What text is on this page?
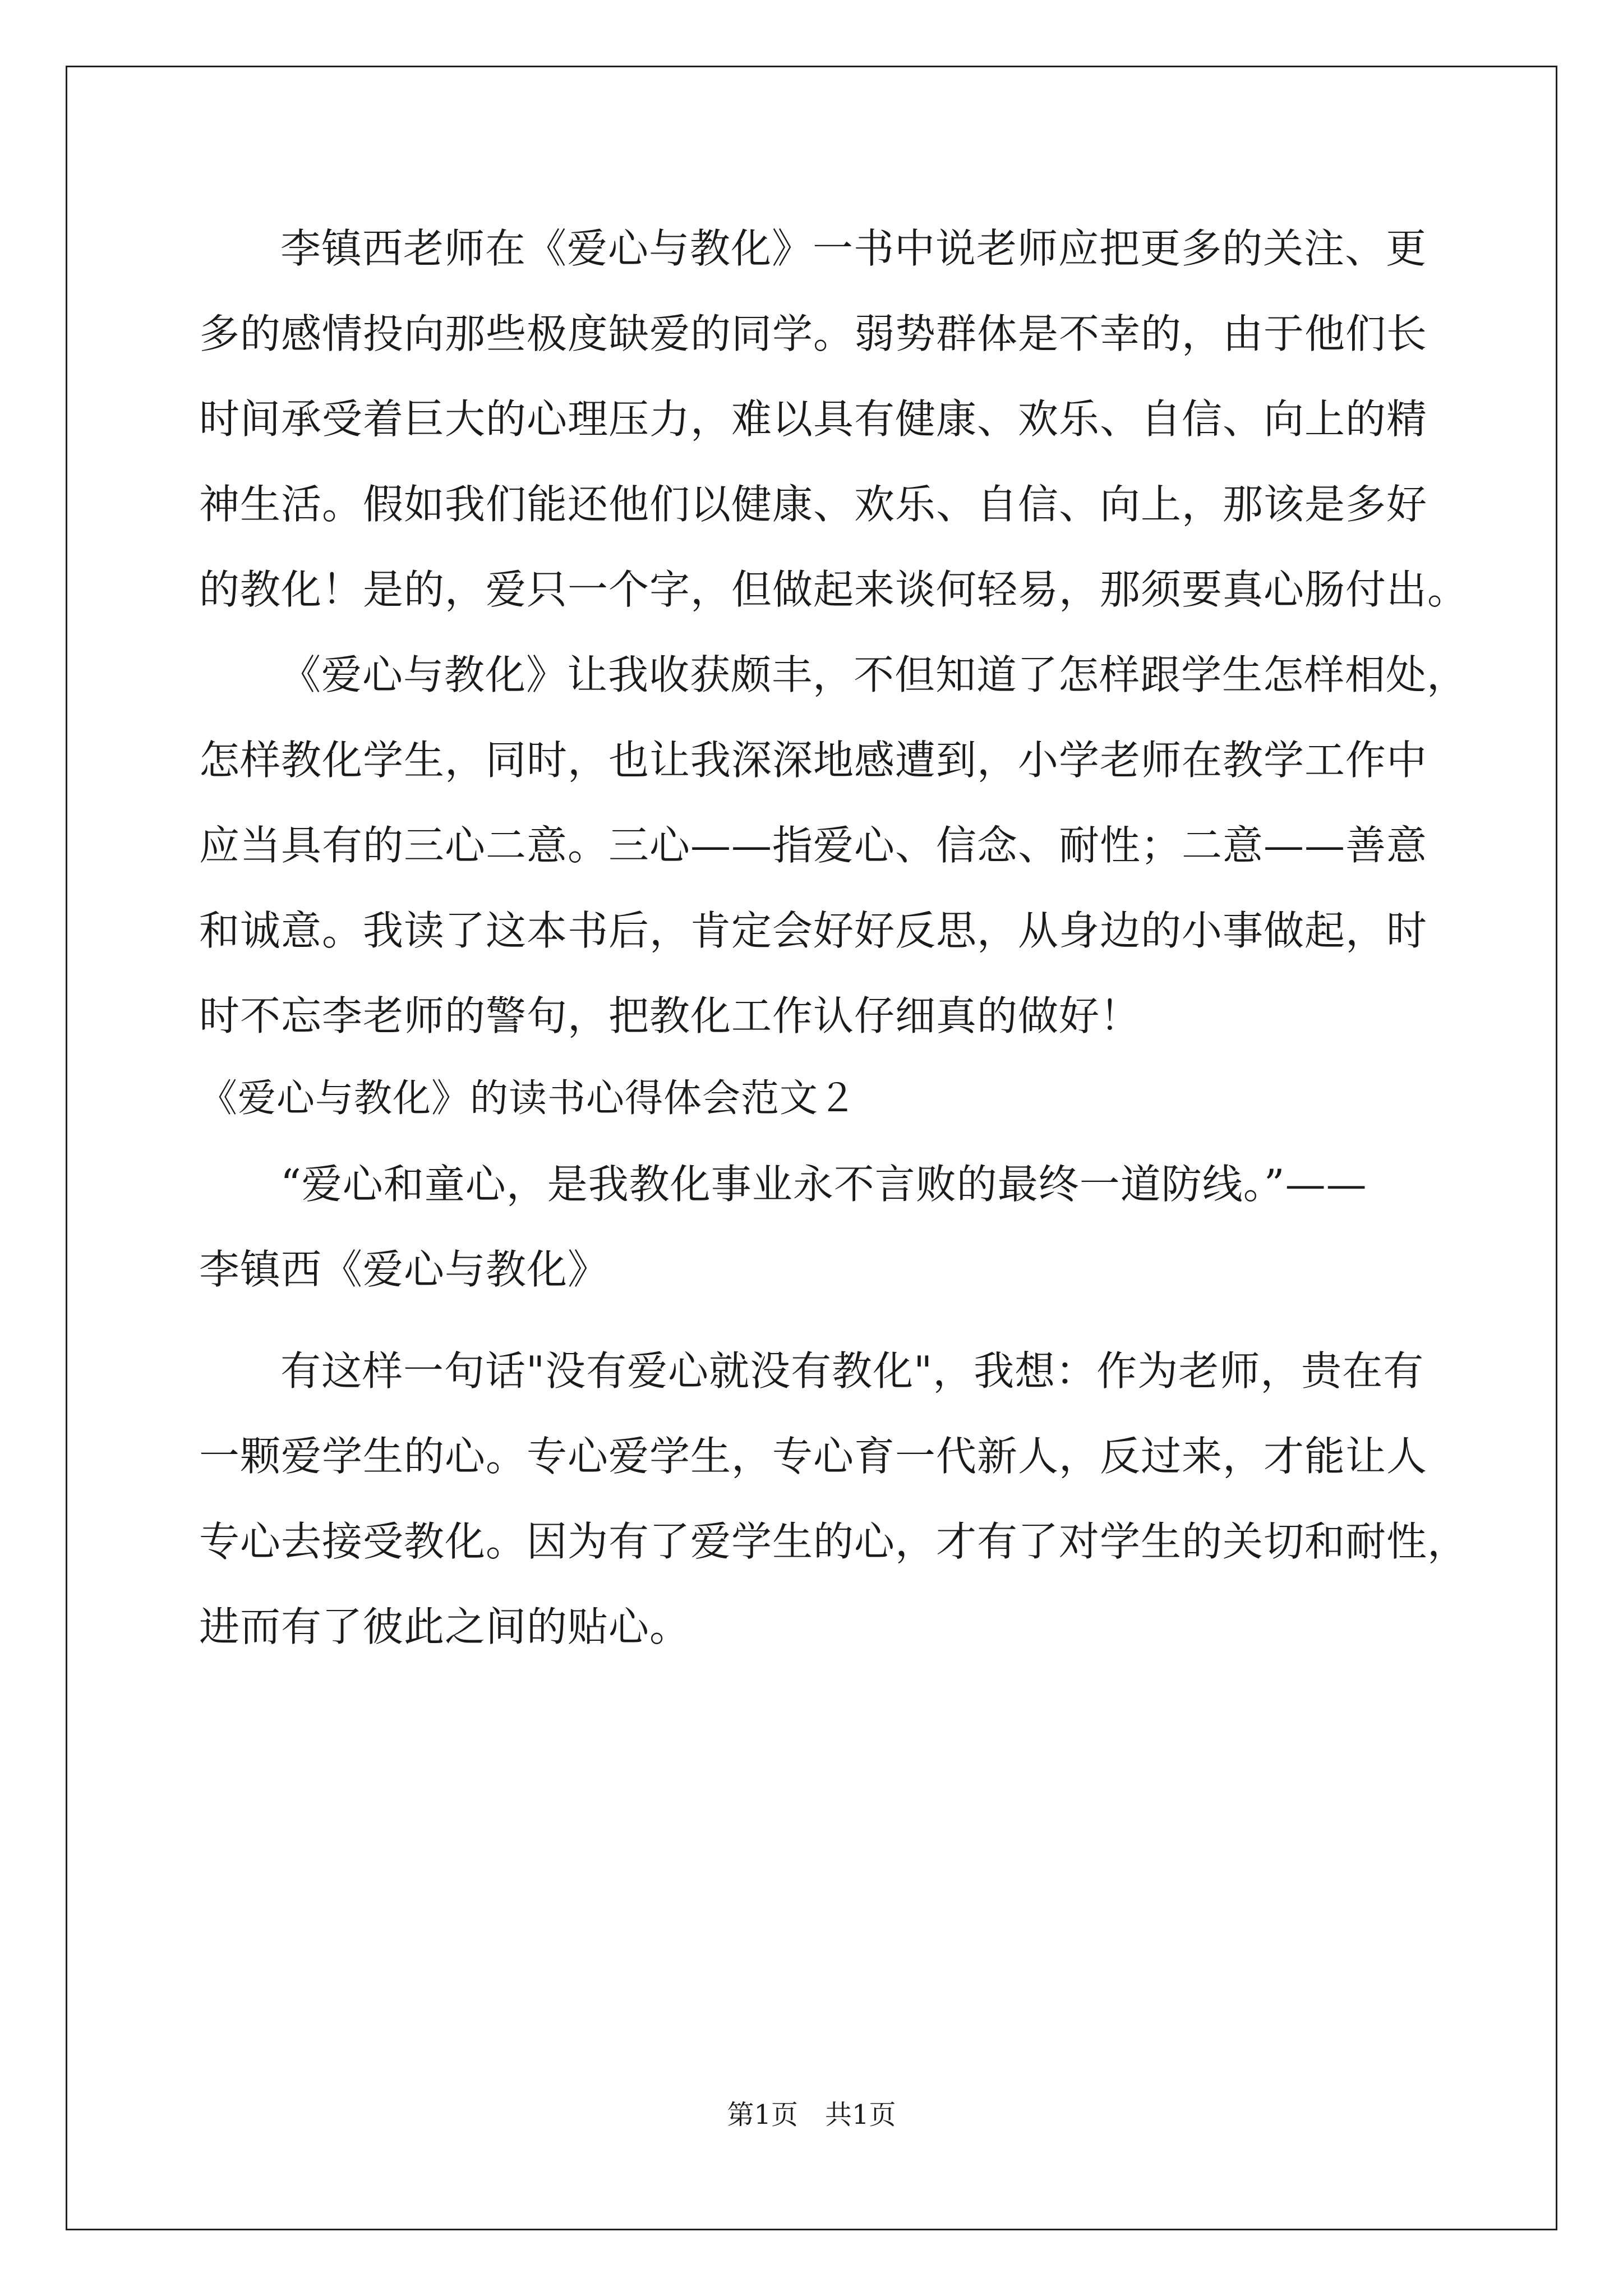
李镇西老师在《爱心与教化》一书中说老师应把更多的关注、更
多的感情投向那些极度缺爱的同学。弱势群体是不幸的，由于他们长
时间承受着巨大的心理压力，难以具有健康、欢乐、自信、向上的精
神生活。假如我们能还他们以健康、欢乐、自信、向上，那该是多好
的教化！是的，爱只一个字，但做起来谈何轻易，那须要真心肠付出。
《爱心与教化》让我收获颇丰，不但知道了怎样跟学生怎样相处，
怎样教化学生，同时，也让我深深地感遭到，小学老师在教学工作中
应当具有的三心二意。三心——指爱心、信念、耐性；二意——善意
和诚意。我读了这本书后，肯定会好好反思，从身边的小事做起，时
时不忘李老师的警句，把教化工作认仔细真的做好！
《爱心与教化》的读书心得体会范文２
“爱心和童心，是我教化事业永不言败的最终一道防线。”——
李镇西《爱心与教化》
有这样一句话"没有爱心就没有教化"，我想：作为老师，贵在有
一颗爱学生的心。专心爱学生，专心育一代新人，反过来，才能让人
专心去接受教化。因为有了爱学生的心，才有了对学生的关切和耐性，
进而有了彼此之间的贴心。
第1页　共1页
